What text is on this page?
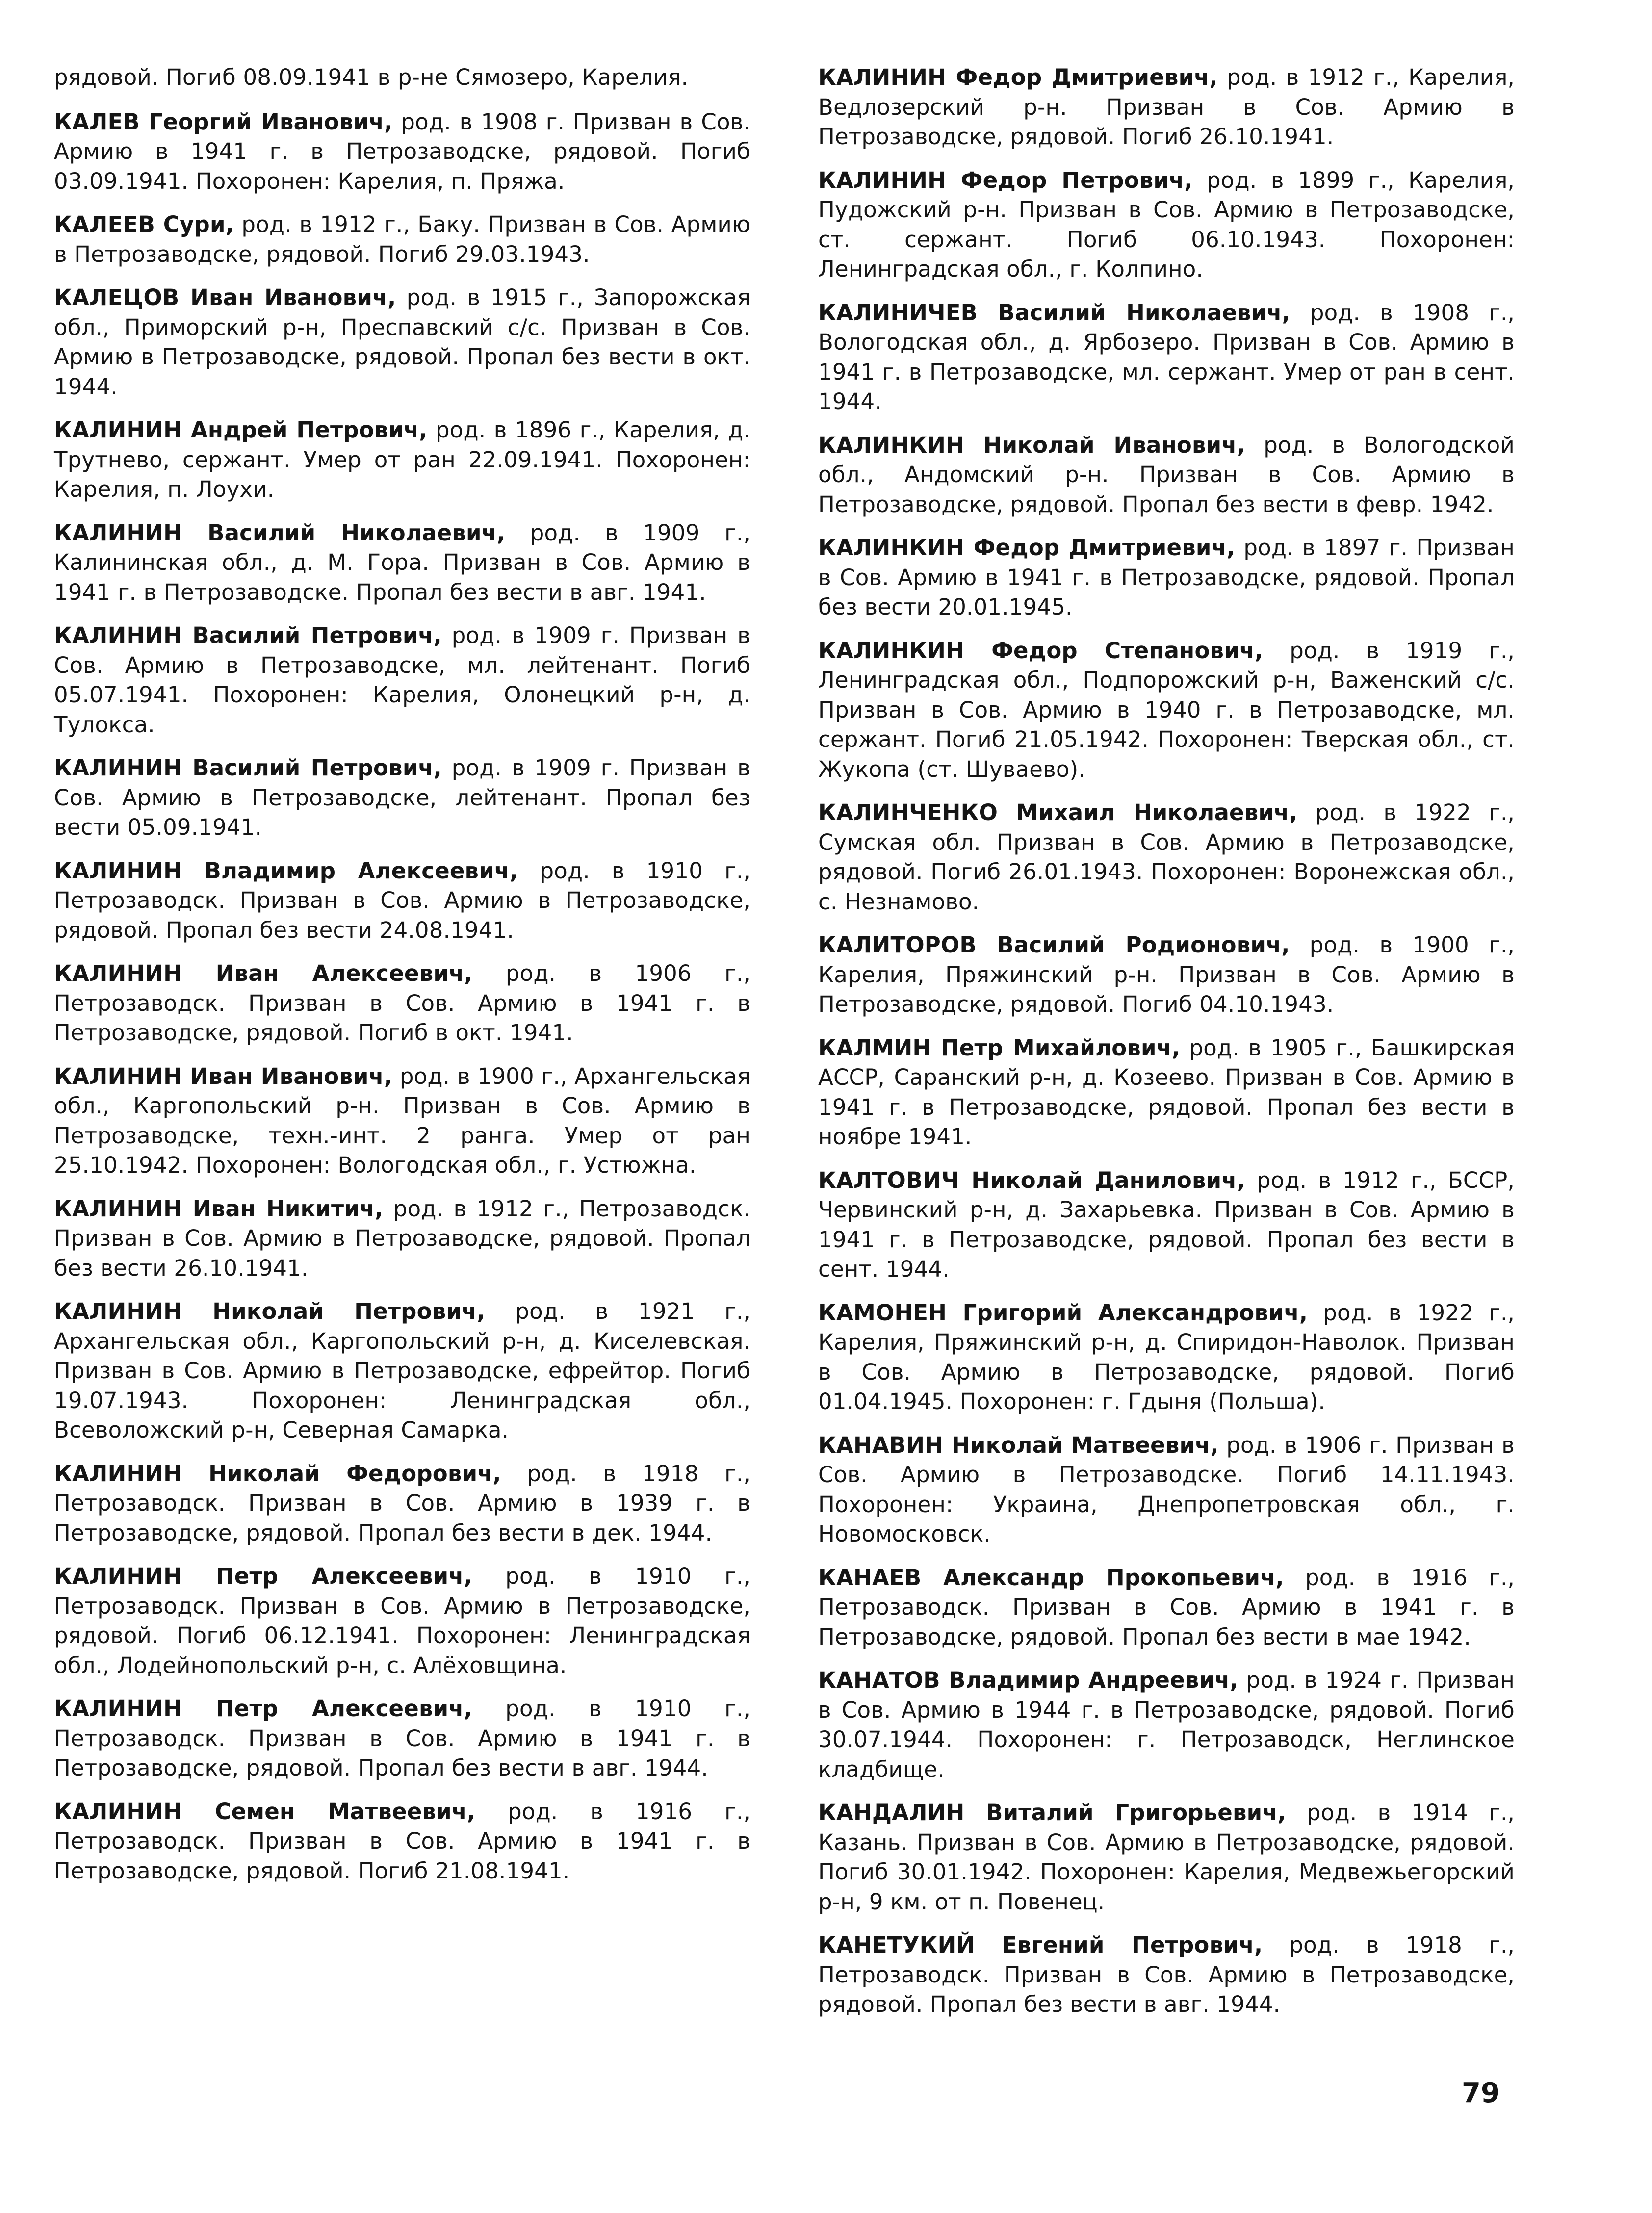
рядовой. Погиб 08.09.1941 в р-не Сямозеро, Карелия.

КАЛЕВ Георгий Иванович, род. в 1908 г. Призван в Сов. Армию в 1941 г. в Петрозаводске, рядовой. Погиб 03.09.1941. Похоронен: Карелия, п. Пряжа.

КАЛЕЕВ Сури, род. в 1912 г., Баку. Призван в Сов. Армию в Петрозаводске, рядовой. Погиб 29.03.1943.

КАЛЕЦОВ Иван Иванович, род. в 1915 г., Запорожская обл., Приморский р-н, Преспавский с/с. Призван в Сов. Армию в Петрозаводске, рядовой. Пропал без вести в окт. 1944.

КАЛИНИН Андрей Петрович, род. в 1896 г., Карелия, д. Трутнево, сержант. Умер от ран 22.09.1941. Похоронен: Карелия, п. Лоухи.

КАЛИНИН Василий Николаевич, род. в 1909 г., Калининская обл., д. М. Гора. Призван в Сов. Армию в 1941 г. в Петрозаводске. Пропал без вести в авг. 1941.

КАЛИНИН Василий Петрович, род. в 1909 г. Призван в Сов. Армию в Петрозаводске, мл. лейтенант. Погиб 05.07.1941. Похоронен: Карелия, Олонецкий р-н, д. Тулокса.

КАЛИНИН Василий Петрович, род. в 1909 г. Призван в Сов. Армию в Петрозаводске, лейтенант. Пропал без вести 05.09.1941.

КАЛИНИН Владимир Алексеевич, род. в 1910 г., Петрозаводск. Призван в Сов. Армию в Петрозаводске, рядовой. Пропал без вести 24.08.1941.

КАЛИНИН Иван Алексеевич, род. в 1906 г., Петрозаводск. Призван в Сов. Армию в 1941 г. в Петрозаводске, рядовой. Погиб в окт. 1941.

КАЛИНИН Иван Иванович, род. в 1900 г., Архангельская обл., Каргопольский р-н. Призван в Сов. Армию в Петрозаводске, техн.-инт. 2 ранга. Умер от ран 25.10.1942. Похоронен: Вологодская обл., г. Устюжна.

КАЛИНИН Иван Никитич, род. в 1912 г., Петрозаводск. Призван в Сов. Армию в Петрозаводске, рядовой. Пропал без вести 26.10.1941.

КАЛИНИН Николай Петрович, род. в 1921 г., Архангельская обл., Каргопольский р-н, д. Киселевская. Призван в Сов. Армию в Петрозаводске, ефрейтор. Погиб 19.07.1943. Похоронен: Ленинградская обл., Всеволожский р-н, Северная Самарка.

КАЛИНИН Николай Федорович, род. в 1918 г., Петрозаводск. Призван в Сов. Армию в 1939 г. в Петрозаводске, рядовой. Пропал без вести в дек. 1944.

КАЛИНИН Петр Алексеевич, род. в 1910 г., Петрозаводск. Призван в Сов. Армию в Петрозаводске, рядовой. Погиб 06.12.1941. Похоронен: Ленинградская обл., Лодейнопольский р-н, с. Алёховщина.

КАЛИНИН Петр Алексеевич, род. в 1910 г., Петрозаводск. Призван в Сов. Армию в 1941 г. в Петрозаводске, рядовой. Пропал без вести в авг. 1944.

КАЛИНИН Семен Матвеевич, род. в 1916 г., Петрозаводск. Призван в Сов. Армию в 1941 г. в Петрозаводске, рядовой. Погиб 21.08.1941.

КАЛИНИН Федор Дмитриевич, род. в 1912 г., Карелия, Ведлозерский р-н. Призван в Сов. Армию в Петрозаводске, рядовой. Погиб 26.10.1941.

КАЛИНИН Федор Петрович, род. в 1899 г., Карелия, Пудожский р-н. Призван в Сов. Армию в Петрозаводске, ст. сержант. Погиб 06.10.1943. Похоронен: Ленинградская обл., г. Колпино.

КАЛИНИЧЕВ Василий Николаевич, род. в 1908 г., Вологодская обл., д. Ярбозеро. Призван в Сов. Армию в 1941 г. в Петрозаводске, мл. сержант. Умер от ран в сент. 1944.

КАЛИНКИН Николай Иванович, род. в Вологодской обл., Андомский р-н. Призван в Сов. Армию в Петрозаводске, рядовой. Пропал без вести в февр. 1942.

КАЛИНКИН Федор Дмитриевич, род. в 1897 г. Призван в Сов. Армию в 1941 г. в Петрозаводске, рядовой. Пропал без вести 20.01.1945.

КАЛИНКИН Федор Степанович, род. в 1919 г., Ленинградская обл., Подпорожский р-н, Важенский с/с. Призван в Сов. Армию в 1940 г. в Петрозаводске, мл. сержант. Погиб 21.05.1942. Похоронен: Тверская обл., ст. Жукопа (ст. Шуваево).

КАЛИНЧЕНКО Михаил Николаевич, род. в 1922 г., Сумская обл. Призван в Сов. Армию в Петрозаводске, рядовой. Погиб 26.01.1943. Похоронен: Воронежская обл., с. Незнамово.

КАЛИТОРОВ Василий Родионович, род. в 1900 г., Карелия, Пряжинский р-н. Призван в Сов. Армию в Петрозаводске, рядовой. Погиб 04.10.1943.

КАЛМИН Петр Михайлович, род. в 1905 г., Башкирская АССР, Саранский р-н, д. Козеево. Призван в Сов. Армию в 1941 г. в Петрозаводске, рядовой. Пропал без вести в ноябре 1941.

КАЛТОВИЧ Николай Данилович, род. в 1912 г., БССР, Червинский р-н, д. Захарьевка. Призван в Сов. Армию в 1941 г. в Петрозаводске, рядовой. Пропал без вести в сент. 1944.

КАМОНЕН Григорий Александрович, род. в 1922 г., Карелия, Пряжинский р-н, д. Спиридон-Наволок. Призван в Сов. Армию в Петрозаводске, рядовой. Погиб 01.04.1945. Похоронен: г. Гдыня (Польша).

КАНАВИН Николай Матвеевич, род. в 1906 г. Призван в Сов. Армию в Петрозаводске. Погиб 14.11.1943. Похоронен: Украина, Днепропетровская обл., г. Новомосковск.

КАНАЕВ Александр Прокопьевич, род. в 1916 г., Петрозаводск. Призван в Сов. Армию в 1941 г. в Петрозаводске, рядовой. Пропал без вести в мае 1942.

КАНАТОВ Владимир Андреевич, род. в 1924 г. Призван в Сов. Армию в 1944 г. в Петрозаводске, рядовой. Погиб 30.07.1944. Похоронен: г. Петрозаводск, Неглинское кладбище.

КАНДАЛИН Виталий Григорьевич, род. в 1914 г., Казань. Призван в Сов. Армию в Петрозаводске, рядовой. Погиб 30.01.1942. Похоронен: Карелия, Медвежьегорский р-н, 9 км. от п. Повенец.

КАНЕТУКИЙ Евгений Петрович, род. в 1918 г., Петрозаводск. Призван в Сов. Армию в Петрозаводске, рядовой. Пропал без вести в авг. 1944.

79
